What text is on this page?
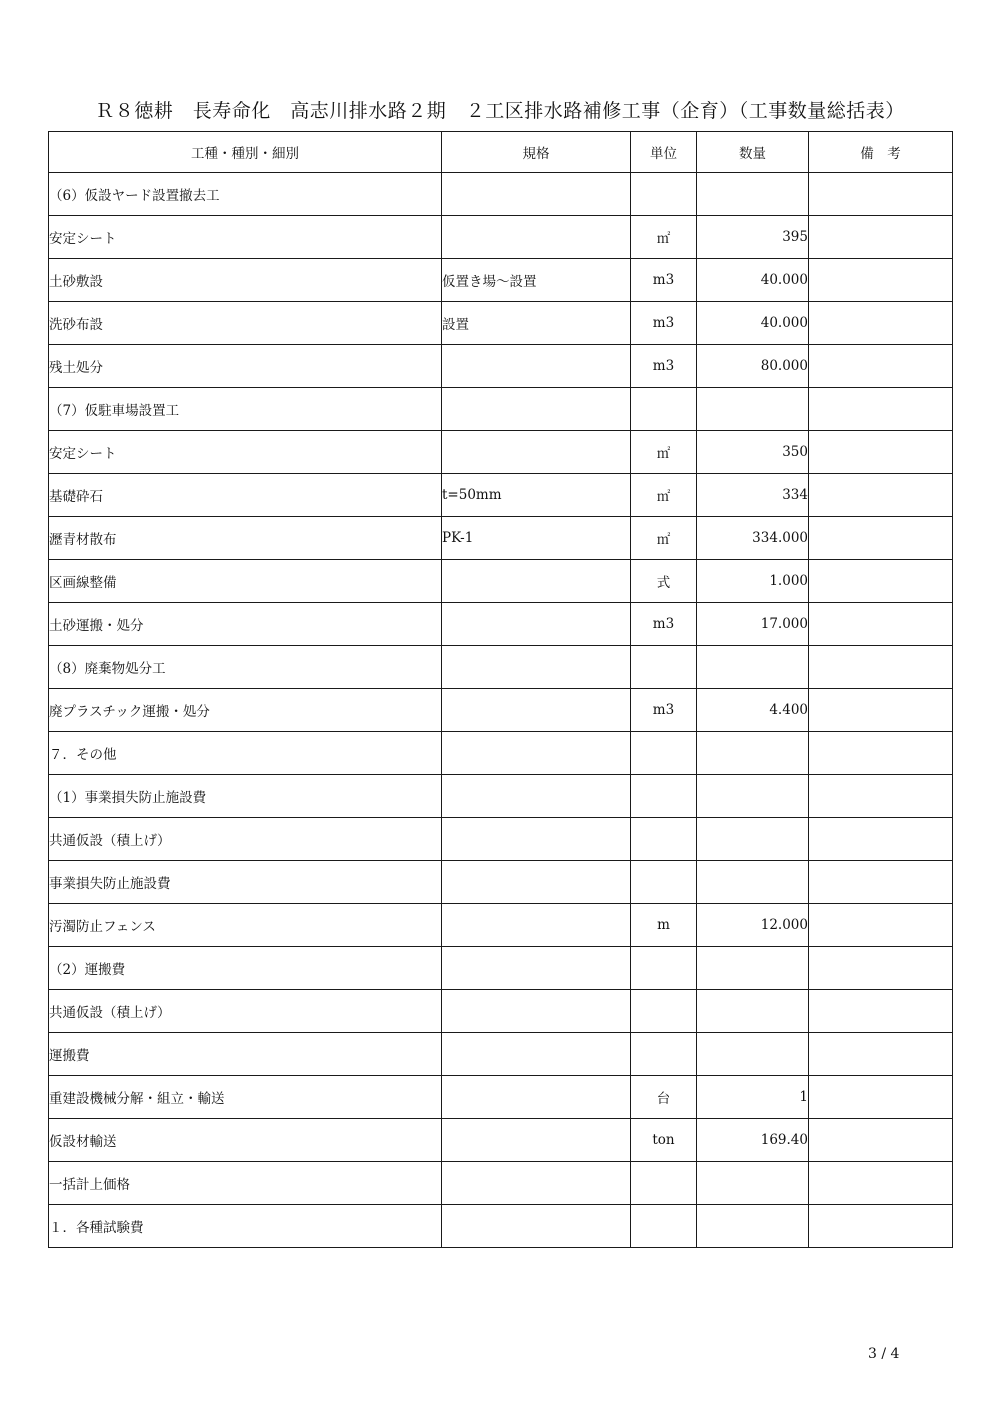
Ｒ８徳耕　長寿命化　高志川排水路２期　２工区排水路補修工事（企育）（工事数量総括表）
工種・種別・細別	規格	単位	数量	備　考
（6）仮設ヤード設置撤去工				
安定シート		㎡	395	
土砂敷設	仮置き場～設置	m3	40.000	
洗砂布設	設置	m3	40.000	
残土処分		m3	80.000	
（7）仮駐車場設置工				
安定シート		㎡	350	
基礎砕石	t=50mm	㎡	334	
瀝青材散布	PK-1	㎡	334.000	
区画線整備		式	1.000	
土砂運搬・処分		m3	17.000	
（8）廃棄物処分工				
廃プラスチック運搬・処分		m3	4.400	
７．その他				
（1）事業損失防止施設費				
共通仮設（積上げ）				
事業損失防止施設費				
汚濁防止フェンス		m	12.000	
（2）運搬費				
共通仮設（積上げ）				
運搬費				
重建設機械分解・組立・輸送		台	1	
仮設材輸送		ton	169.40	
一括計上価格				
１．各種試験費				
3 / 4
